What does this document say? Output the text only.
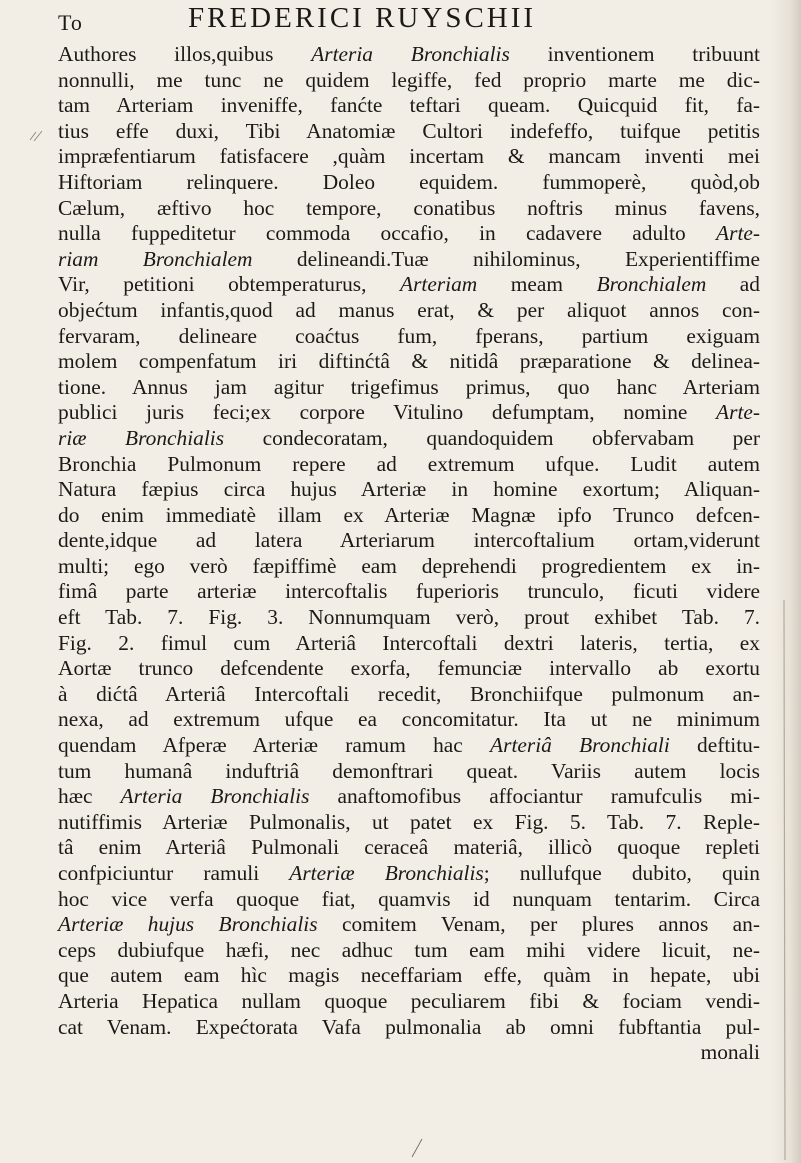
To	FREDERICI RUYSCHII
Authores illos,quibus Arteria Bronchialis inventionem tribuunt
nonnulli, me tunc ne quidem legiffe, fed proprio marte me dic-
tam Arteriam inveniffe, fanćte teftari queam. Quicquid fit, fa-
tius effe duxi, Tibi Anatomiæ Cultori indefeffo, tuifque petitis
impræfentiarum fatisfacere ,quàm incertam & mancam inventi mei
Hiftoriam relinquere. Doleo equidem. fummoperè, quòd,ob
Cælum, æftivo hoc tempore, conatibus noftris minus favens,
nulla fuppeditetur commoda occafio, in cadavere adulto Arte-
riam Bronchialem delineandi.Tuæ nihilominus, Experientiffime
Vir, petitioni obtemperaturus, Arteriam meam Bronchialem ad
objećtum infantis,quod ad manus erat, & per aliquot annos con-
fervaram, delineare coaćtus fum, fperans, partium exiguam
molem compenfatum iri diftinćtâ & nitidâ præparatione & delinea-
tione. Annus jam agitur trigefimus primus, quo hanc Arteriam
publici juris feci;ex corpore Vitulino defumptam, nomine Arte-
riæ Bronchialis condecoratam, quandoquidem obfervabam per
Bronchia Pulmonum repere ad extremum ufque. Ludit autem
Natura fæpius circa hujus Arteriæ in homine exortum; Aliquan-
do enim immediatè illam ex Arteriæ Magnæ ipfo Trunco defcen-
dente,idque ad latera Arteriarum intercoftalium ortam,viderunt
multi; ego verò fæpiffimè eam deprehendi progredientem ex in-
fimâ parte arteriæ intercoftalis fuperioris trunculo, ficuti videre
eft Tab. 7. Fig. 3. Nonnumquam verò, prout exhibet Tab. 7.
Fig. 2. fimul cum Arteriâ Intercoftali dextri lateris, tertia, ex
Aortæ trunco defcendente exorfa, femunciæ intervallo ab exortu
à dićtâ Arteriâ Intercoftali recedit, Bronchiifque pulmonum an-
nexa, ad extremum ufque ea concomitatur. Ita ut ne minimum
quendam Afperæ Arteriæ ramum hac Arteriâ Bronchiali deftitu-
tum humanâ induftriâ demonftrari queat. Variis autem locis
hæc Arteria Bronchialis anaftomofibus affociantur ramufculis mi-
nutiffimis Arteriæ Pulmonalis, ut patet ex Fig. 5. Tab. 7. Reple-
tâ enim Arteriâ Pulmonali ceraceâ materiâ, illicò quoque repleti
confpiciuntur ramuli Arteriæ Bronchialis; nullufque dubito, quin
hoc vice verfa quoque fiat, quamvis id nunquam tentarim. Circa
Arteriæ hujus Bronchialis comitem Venam, per plures annos an-
ceps dubiufque hæfi, nec adhuc tum eam mihi videre licuit, ne-
que autem eam hìc magis neceffariam effe, quàm in hepate, ubi
Arteria Hepatica nullam quoque peculiarem fibi & fociam vendi-
cat Venam. Expećtorata Vafa pulmonalia ab omni fubftantia pul-
monali
